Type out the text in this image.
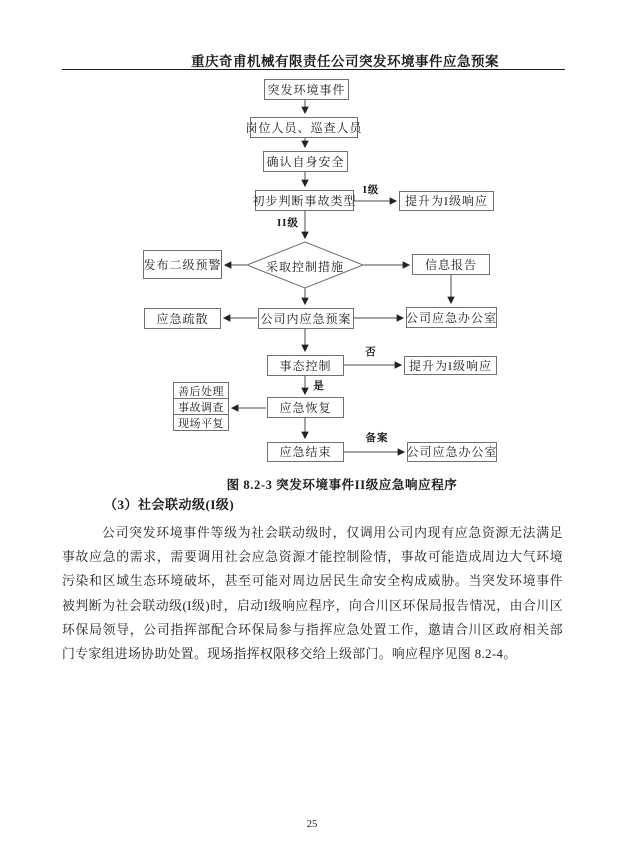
重庆奇甫机械有限责任公司突发环境事件应急预案
突发环境事件
岗位人员、巡查人员
确认自身安全
初步判断事故类型	提升为I级响应
采取控制措施
发布二级预警	信息报告
应急疏散	公司内应急预案	公司应急办公室
事态控制	提升为I级响应
善后处理
事故调查
现场平复
应急恢复
应急结束	公司应急办公室
I级
II级
否
是
备案
图 8.2-3 突发环境事件II级应急响应程序
（3）社会联动级(I级)

公司突发环境事件等级为社会联动级时，仅调用公司内现有应急资源无法满足事故应急的需求，需要调用社会应急资源才能控制险情，事故可能造成周边大气环境污染和区域生态环境破坏，甚至可能对周边居民生命安全构成威胁。当突发环境事件被判断为社会联动级(I级)时，启动I级响应程序，向合川区环保局报告情况，由合川区环保局领导，公司指挥部配合环保局参与指挥应急处置工作，邀请合川区政府相关部门专家组进场协助处置。现场指挥权限移交给上级部门。响应程序见图 8.2-4。

25
